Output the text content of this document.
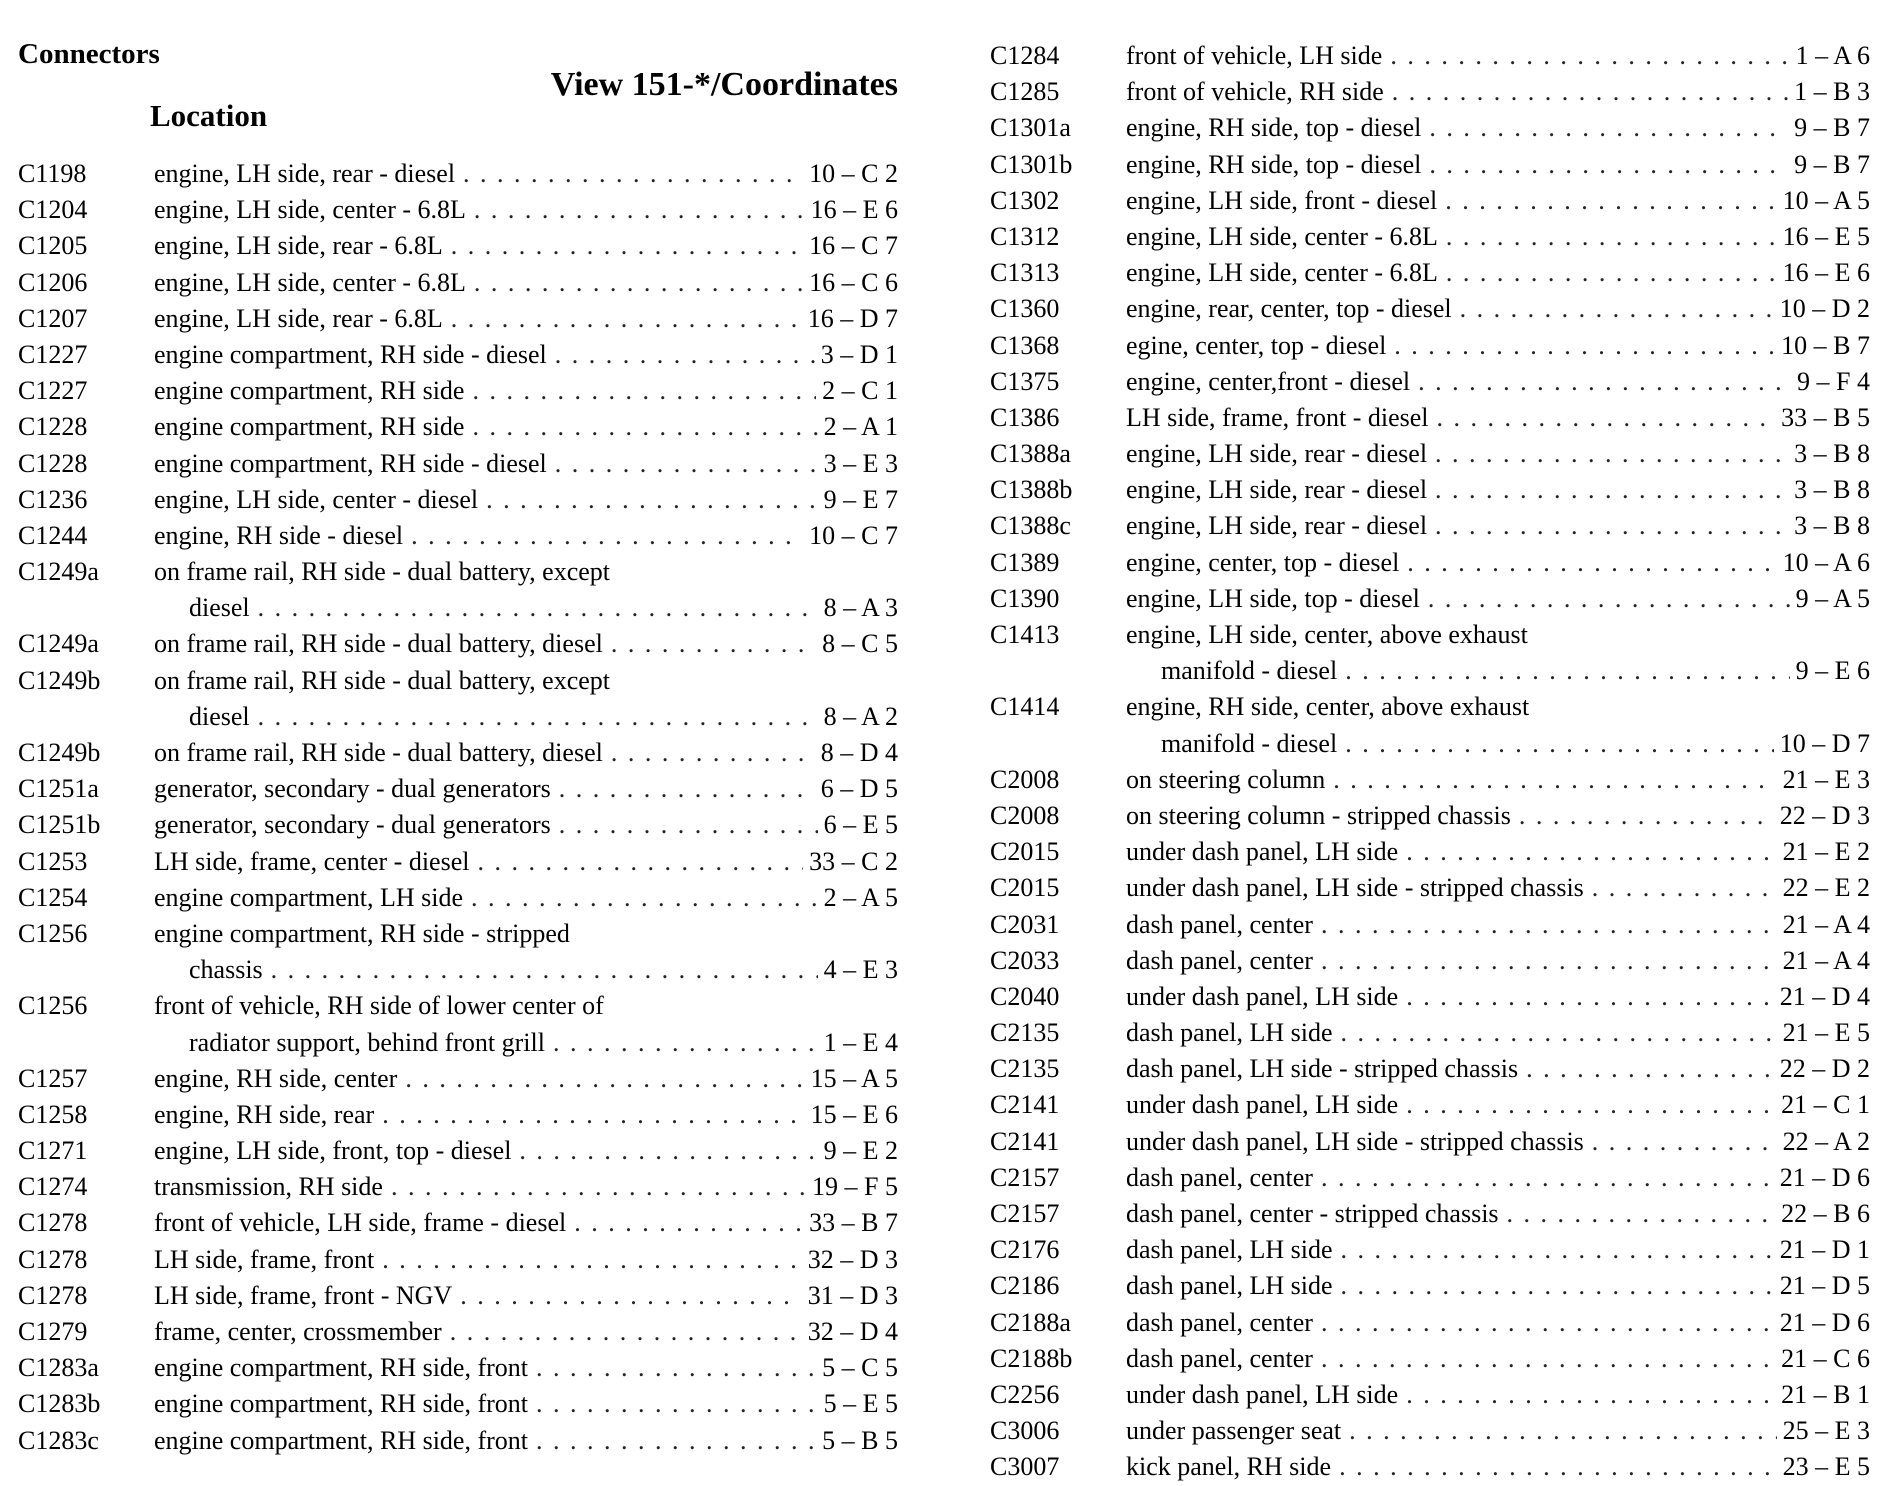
Connectors
Location
View 151-*/Coordinates
C1198	engine, LH side, rear - diesel . . .	10 – C 2
C1204	engine, LH side, center - 6.8L . . .	16 – E 6
C1205	engine, LH side, rear - 6.8L . . .	16 – C 7
C1206	engine, LH side, center - 6.8L . . .	16 – C 6
C1207	engine, LH side, rear - 6.8L . . .	16 – D 7
C1227	engine compartment, RH side - diesel . . .	3 – D 1
C1227	engine compartment, RH side . . .	2 – C 1
C1228	engine compartment, RH side . . .	2 – A 1
C1228	engine compartment, RH side - diesel . . .	3 – E 3
C1236	engine, LH side, center - diesel . . .	9 – E 7
C1244	engine, RH side - diesel . . .	10 – C 7
C1249a	on frame rail, RH side - dual battery, except
diesel . . .	8 – A 3
C1249a	on frame rail, RH side - dual battery, diesel . . .	8 – C 5
C1249b	on frame rail, RH side - dual battery, except
diesel . . .	8 – A 2
C1249b	on frame rail, RH side - dual battery, diesel . . .	8 – D 4
C1251a	generator, secondary - dual generators . . .	6 – D 5
C1251b	generator, secondary - dual generators . . .	6 – E 5
C1253	LH side, frame, center - diesel . . .	33 – C 2
C1254	engine compartment, LH side . . .	2 – A 5
C1256	engine compartment, RH side - stripped
chassis . . .	4 – E 3
C1256	front of vehicle, RH side of lower center of
radiator support, behind front grill . . .	1 – E 4
C1257	engine, RH side, center . . .	15 – A 5
C1258	engine, RH side, rear . . .	15 – E 6
C1271	engine, LH side, front, top - diesel . . .	9 – E 2
C1274	transmission, RH side . . .	19 – F 5
C1278	front of vehicle, LH side, frame - diesel . . .	33 – B 7
C1278	LH side, frame, front . . .	32 – D 3
C1278	LH side, frame, front - NGV . . .	31 – D 3
C1279	frame, center, crossmember . . .	32 – D 4
C1283a	engine compartment, RH side, front . . .	5 – C 5
C1283b	engine compartment, RH side, front . . .	5 – E 5
C1283c	engine compartment, RH side, front . . .	5 – B 5
C1284	front of vehicle, LH side . . .	1 – A 6
C1285	front of vehicle, RH side . . .	1 – B 3
C1301a	engine, RH side, top - diesel . . .	9 – B 7
C1301b	engine, RH side, top - diesel . . .	9 – B 7
C1302	engine, LH side, front - diesel . . .	10 – A 5
C1312	engine, LH side, center - 6.8L . . .	16 – E 5
C1313	engine, LH side, center - 6.8L . . .	16 – E 6
C1360	engine, rear, center, top - diesel . . .	10 – D 2
C1368	egine, center, top - diesel . . .	10 – B 7
C1375	engine, center,front - diesel . . .	9 – F 4
C1386	LH side, frame, front - diesel . . .	33 – B 5
C1388a	engine, LH side, rear - diesel . . .	3 – B 8
C1388b	engine, LH side, rear - diesel . . .	3 – B 8
C1388c	engine, LH side, rear - diesel . . .	3 – B 8
C1389	engine, center, top - diesel . . .	10 – A 6
C1390	engine, LH side, top - diesel . . .	9 – A 5
C1413	engine, LH side, center, above exhaust
manifold - diesel . . .	9 – E 6
C1414	engine, RH side, center, above exhaust
manifold - diesel . . .	10 – D 7
C2008	on steering column . . .	21 – E 3
C2008	on steering column - stripped chassis . . .	22 – D 3
C2015	under dash panel, LH side . . .	21 – E 2
C2015	under dash panel, LH side - stripped chassis . . .	22 – E 2
C2031	dash panel, center . . .	21 – A 4
C2033	dash panel, center . . .	21 – A 4
C2040	under dash panel, LH side . . .	21 – D 4
C2135	dash panel, LH side . . .	21 – E 5
C2135	dash panel, LH side - stripped chassis . . .	22 – D 2
C2141	under dash panel, LH side . . .	21 – C 1
C2141	under dash panel, LH side - stripped chassis . . .	22 – A 2
C2157	dash panel, center . . .	21 – D 6
C2157	dash panel, center - stripped chassis . . .	22 – B 6
C2176	dash panel, LH side . . .	21 – D 1
C2186	dash panel, LH side . . .	21 – D 5
C2188a	dash panel, center . . .	21 – D 6
C2188b	dash panel, center . . .	21 – C 6
C2256	under dash panel, LH side . . .	21 – B 1
C3006	under passenger seat . . .	25 – E 3
C3007	kick panel, RH side . . .	23 – E 5
